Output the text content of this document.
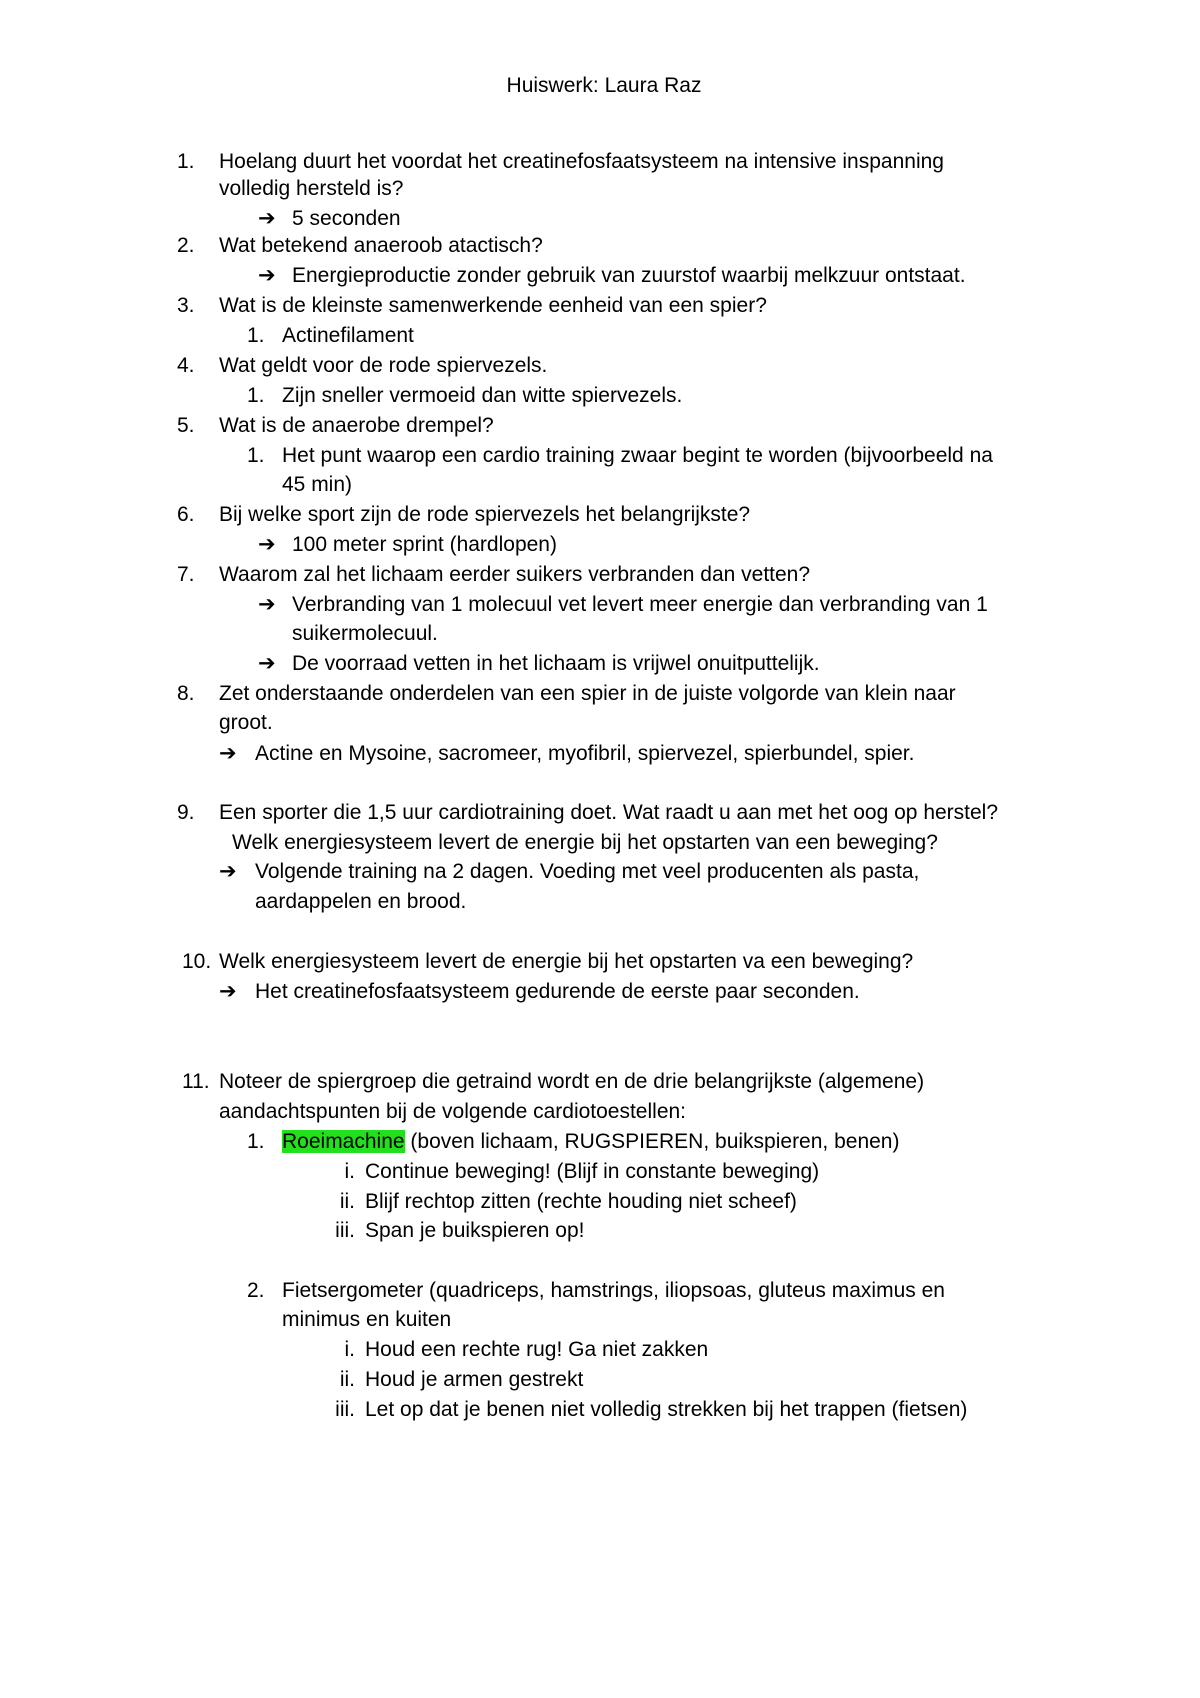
Huiswerk: Laura Raz
1. Hoelang duurt het voordat het creatinefosfaatsysteem na intensive inspanning
volledig hersteld is?
➔ 5 seconden
2. Wat betekend anaeroob atactisch?
➔ Energieproductie zonder gebruik van zuurstof waarbij melkzuur ontstaat.
3. Wat is de kleinste samenwerkende eenheid van een spier?
1. Actinefilament
4. Wat geldt voor de rode spiervezels.
1. Zijn sneller vermoeid dan witte spiervezels.
5. Wat is de anaerobe drempel?
1. Het punt waarop een cardio training zwaar begint te worden (bijvoorbeeld na
45 min)
6. Bij welke sport zijn de rode spiervezels het belangrijkste?
➔ 100 meter sprint (hardlopen)
7. Waarom zal het lichaam eerder suikers verbranden dan vetten?
➔ Verbranding van 1 molecuul vet levert meer energie dan verbranding van 1
suikermolecuul.
➔ De voorraad vetten in het lichaam is vrijwel onuitputtelijk.
8. Zet onderstaande onderdelen van een spier in de juiste volgorde van klein naar
groot.
➔ Actine en Mysoine, sacromeer, myofibril, spiervezel, spierbundel, spier.
9. Een sporter die 1,5 uur cardiotraining doet. Wat raadt u aan met het oog op herstel?
Welk energiesysteem levert de energie bij het opstarten van een beweging?
➔ Volgende training na 2 dagen. Voeding met veel producenten als pasta,
aardappelen en brood.
10. Welk energiesysteem levert de energie bij het opstarten va een beweging?
➔ Het creatinefosfaatsysteem gedurende de eerste paar seconden.
11. Noteer de spiergroep die getraind wordt en de drie belangrijkste (algemene)
aandachtspunten bij de volgende cardiotoestellen:
1. Roeimachine (boven lichaam, RUGSPIEREN, buikspieren, benen)
i. Continue beweging! (Blijf in constante beweging)
ii. Blijf rechtop zitten (rechte houding niet scheef)
iii. Span je buikspieren op!
2. Fietsergometer (quadriceps, hamstrings, iliopsoas, gluteus maximus en
minimus en kuiten
i. Houd een rechte rug! Ga niet zakken
ii. Houd je armen gestrekt
iii. Let op dat je benen niet volledig strekken bij het trappen (fietsen)
